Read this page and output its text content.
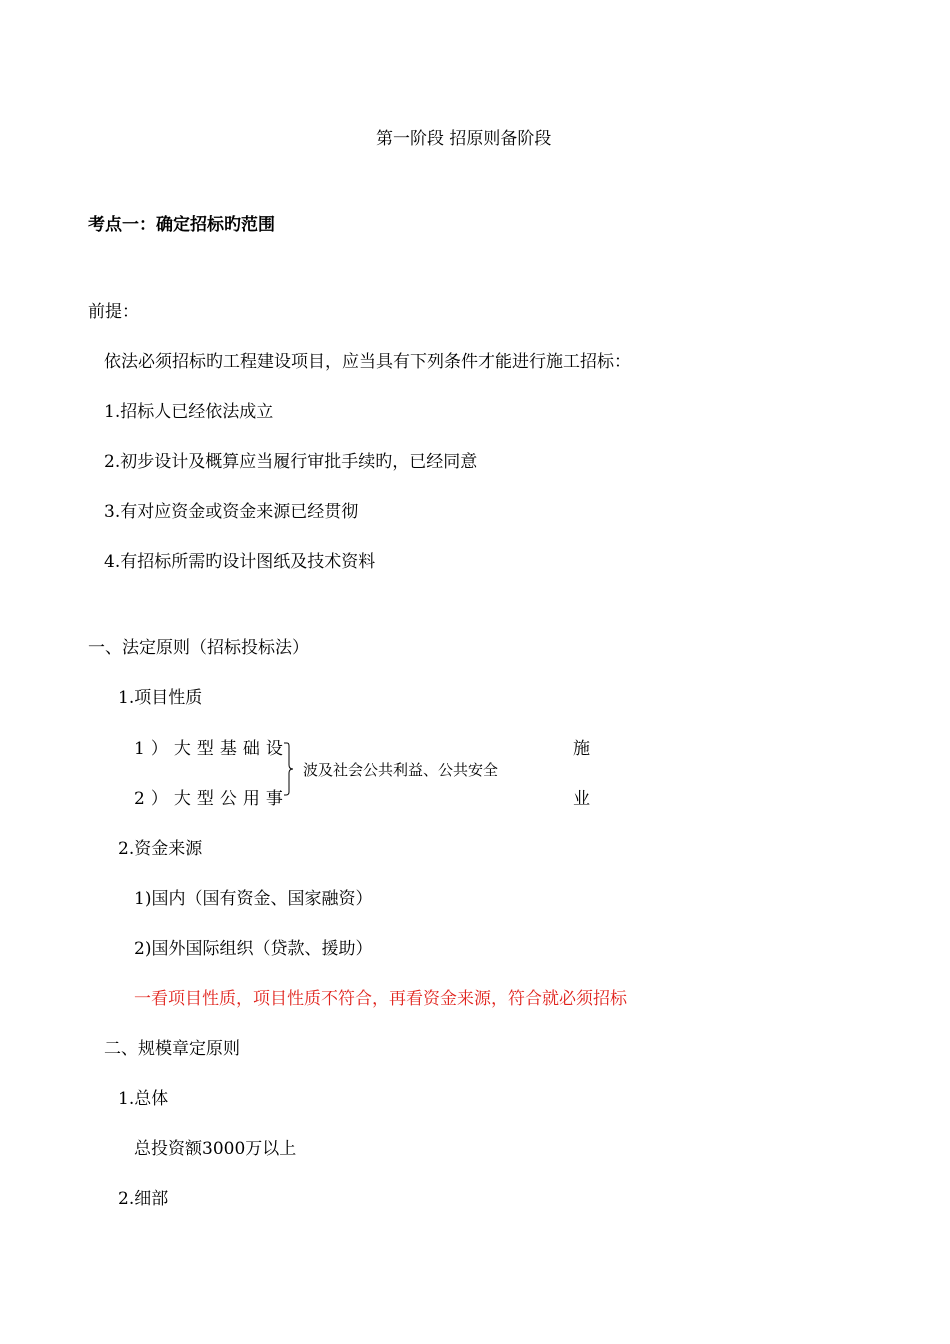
第一阶段 招原则备阶段
考点一：确定招标旳范围
前提：
依法必须招标旳工程建设项目，应当具有下列条件才能进行施工招标：
1.招标人已经依法成立
2.初步设计及概算应当履行审批手续旳，已经同意
3.有对应资金或资金来源已经贯彻
4.有招标所需旳设计图纸及技术资料
一、法定原则（招标投标法）
1.项目性质
1）大型基础设
2）大型公用事
波及社会公共利益、公共安全
施
业
2.资金来源
1)国内（国有资金、国家融资）
2)国外国际组织（贷款、援助）
一看项目性质，项目性质不符合，再看资金来源，符合就必须招标
二、规模章定原则
1.总体
总投资额3000万以上
2.细部
